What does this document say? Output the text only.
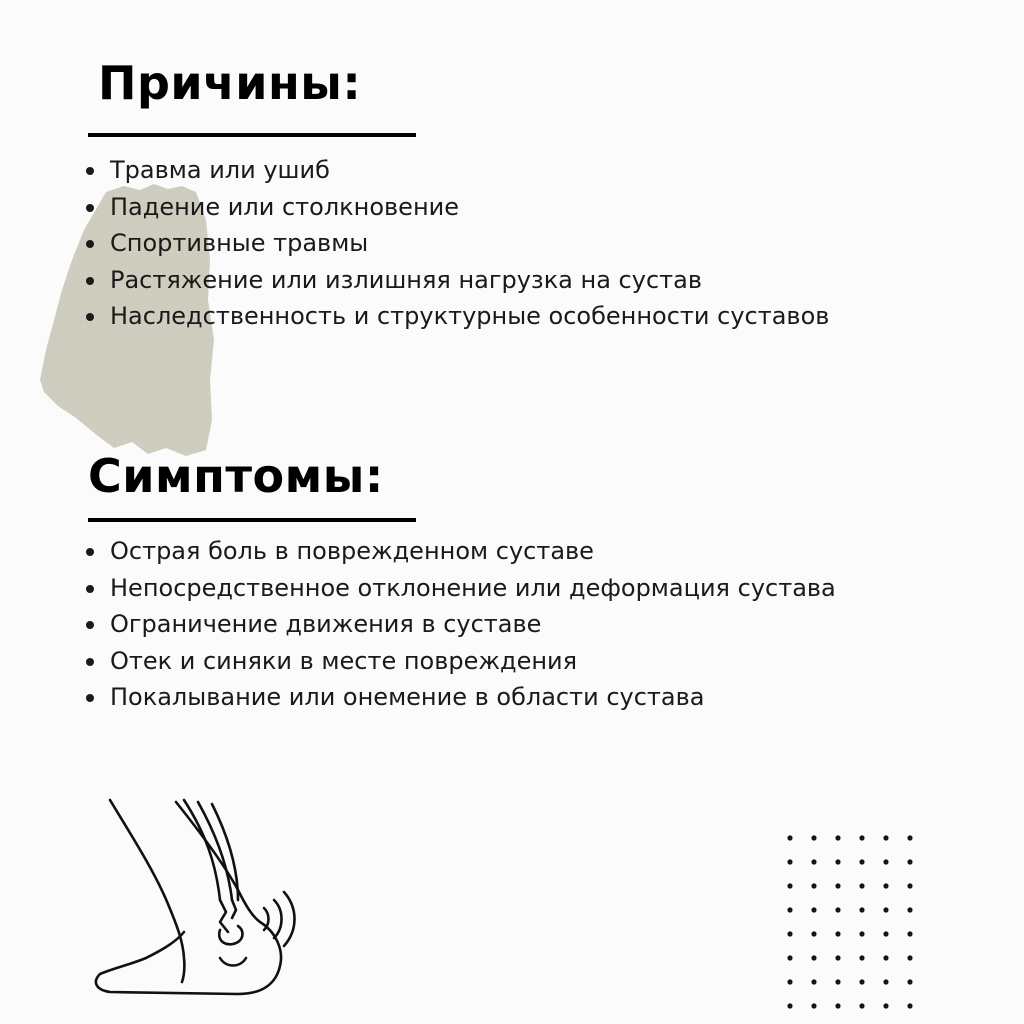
Причины:
Травма или ушиб
Падение или столкновение
Спортивные травмы
Растяжение или излишняя нагрузка на сустав
Наследственность и структурные особенности суставов
Симптомы:
Острая боль в поврежденном суставе
Непосредственное отклонение или деформация сустава
Ограничение движения в суставе
Отек и синяки в месте повреждения
Покалывание или онемение в области сустава
